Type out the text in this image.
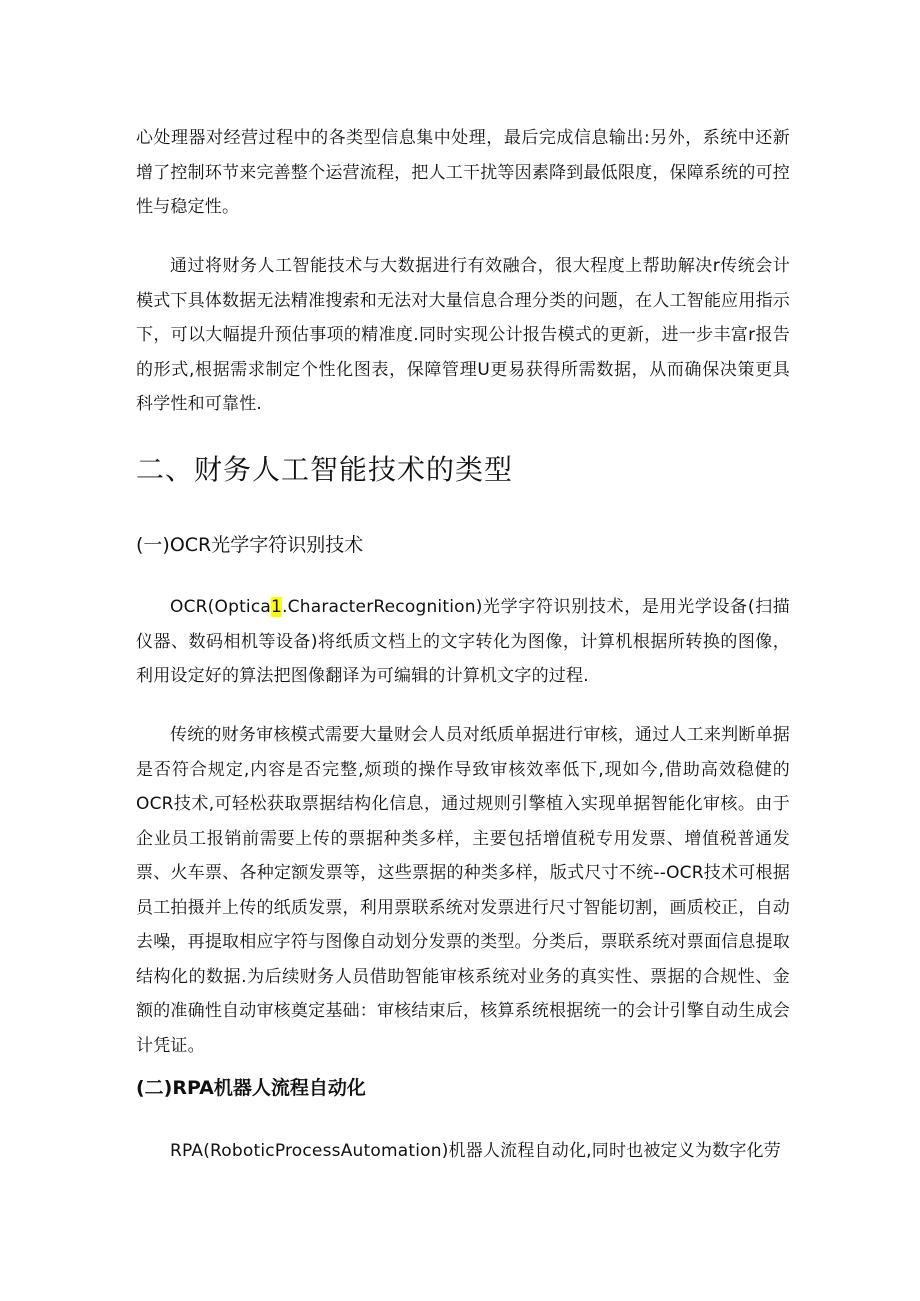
心处理器对经营过程中的各类型信息集中处理，最后完成信息输出:另外，系统中还新增了控制环节来完善整个运营流程，把人工干扰等因素降到最低限度，保障系统的可控性与稳定性。

通过将财务人工智能技术与大数据进行有效融合，很大程度上帮助解决r传统会计模式下具体数据无法精准搜索和无法对大量信息合理分类的问题，在人工智能应用指示下，可以大幅提升预估事项的精准度.同时实现公计报告模式的更新，进一步丰富r报告的形式,根据需求制定个性化图表，保障管理U更易获得所需数据，从而确保决策更具科学性和可靠性.

二、财务人工智能技术的类型
(一)OCR光学字符识别技术

OCR(Optica1.CharacterRecognition)光学字符识别技术，是用光学设备(扫描仪器、数码相机等设备)将纸质文档上的文字转化为图像，计算机根据所转换的图像，利用设定好的算法把图像翻译为可编辑的计算机文字的过程.

传统的财务审核模式需要大量财会人员对纸质单据进行审核，通过人工来判断单据是否符合规定,内容是否完整,烦琐的操作导致审核效率低下,现如今,借助高效稳健的OCR技术,可轻松获取票据结构化信息，通过规则引擎植入实现单据智能化审核。由于企业员工报销前需要上传的票据种类多样，主要包括增值税专用发票、增值税普通发票、火车票、各种定额发票等，这些票据的种类多样，版式尺寸不统--OCR技术可根据员工拍摄并上传的纸质发票，利用票联系统对发票进行尺寸智能切割，画质校正，自动去噪，再提取相应字符与图像自动划分发票的类型。分类后，票联系统对票面信息提取结构化的数据.为后续财务人员借助智能审核系统对业务的真实性、票据的合规性、金额的准确性自动审核奠定基础：审核结束后，核算系统根据统一的会计引擎自动生成会计凭证。

(二)RPA机器人流程自动化

RPA(RoboticProcessAutomation)机器人流程自动化,同时也被定义为数字化劳
